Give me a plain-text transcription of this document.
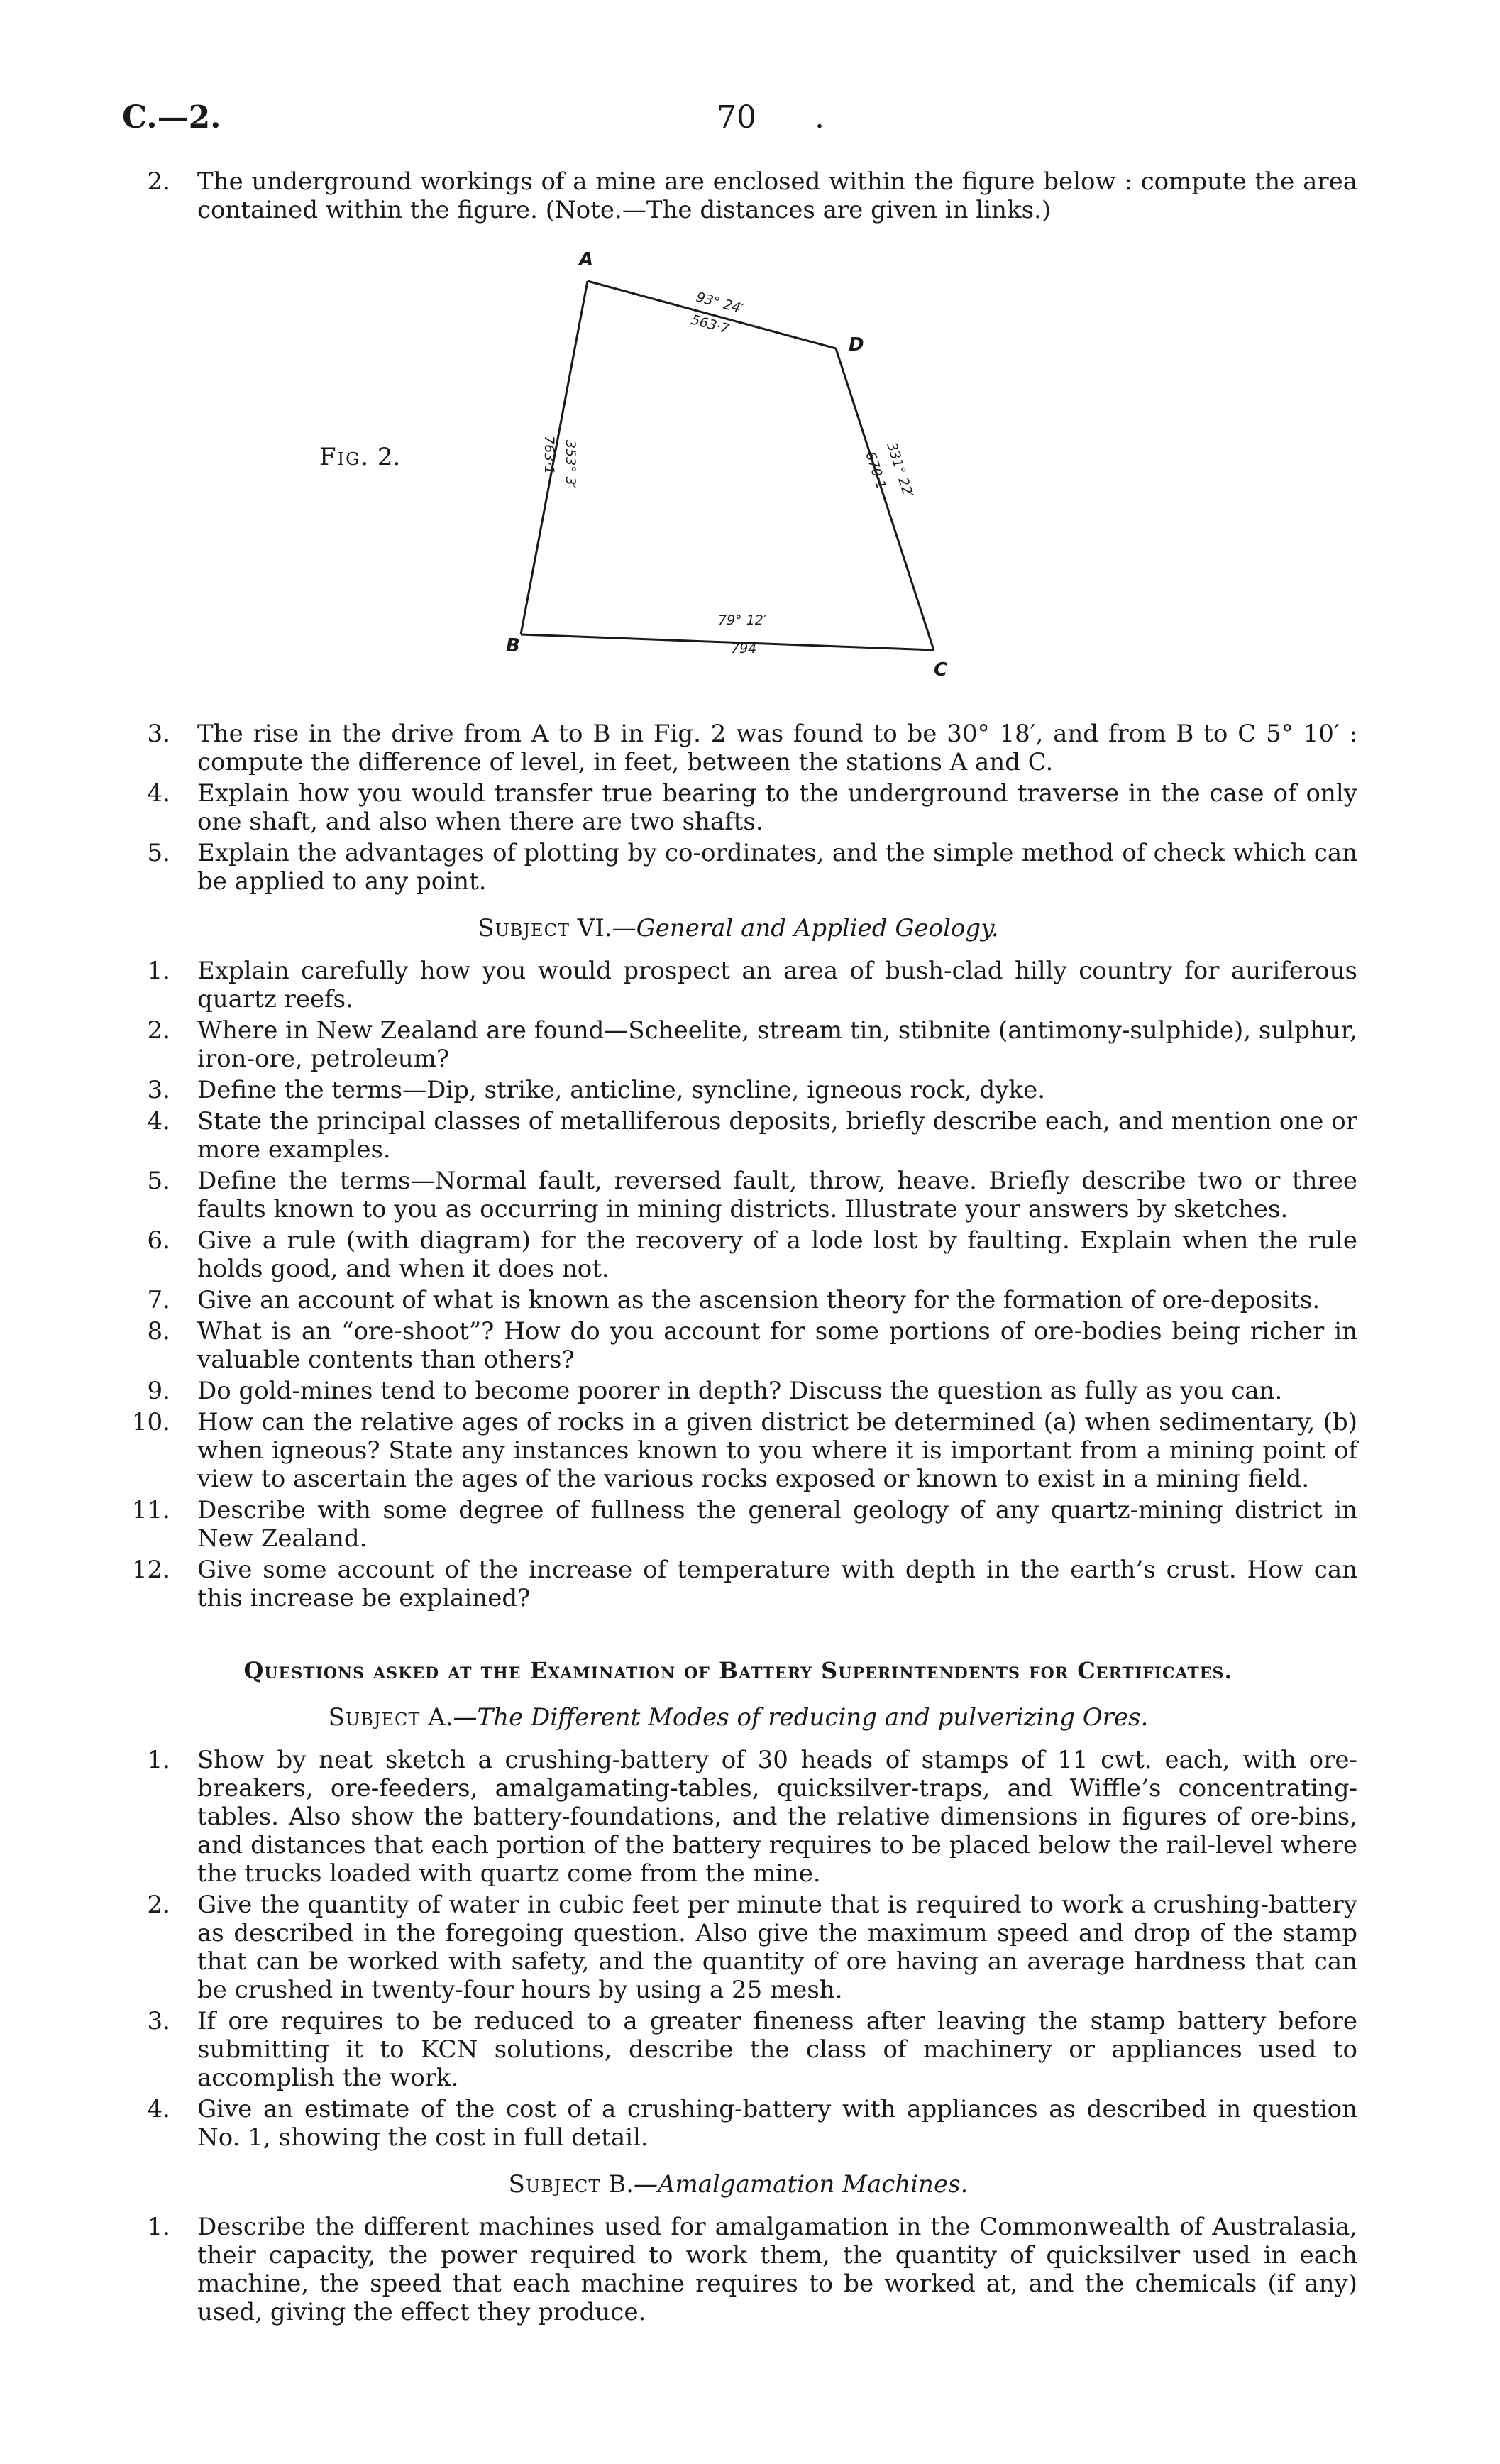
C.—2.	70 .
2. The underground workings of a mine are enclosed within the figure below : compute the area contained within the figure. (Note.—The distances are given in links.)
Fig. 2.
A
D
C
B
93° 24′
563·7
331° 22′
670·1
79° 12′
794
353° 3′
763·1
3. The rise in the drive from A to B in Fig. 2 was found to be 30° 18′, and from B to C 5° 10′ : compute the difference of level, in feet, between the stations A and C.
4. Explain how you would transfer true bearing to the underground traverse in the case of only one shaft, and also when there are two shafts.
5. Explain the advantages of plotting by co-ordinates, and the simple method of check which can be applied to any point.
Subject VI.—General and Applied Geology.
1. Explain carefully how you would prospect an area of bush-clad hilly country for auriferous quartz reefs.
2. Where in New Zealand are found—Scheelite, stream tin, stibnite (antimony-sulphide), sulphur, iron-ore, petroleum?
3. Define the terms—Dip, strike, anticline, syncline, igneous rock, dyke.
4. State the principal classes of metalliferous deposits, briefly describe each, and mention one or more examples.
5. Define the terms—Normal fault, reversed fault, throw, heave. Briefly describe two or three faults known to you as occurring in mining districts. Illustrate your answers by sketches.
6. Give a rule (with diagram) for the recovery of a lode lost by faulting. Explain when the rule holds good, and when it does not.
7. Give an account of what is known as the ascension theory for the formation of ore-deposits.
8. What is an “ore-shoot”? How do you account for some portions of ore-bodies being richer in valuable contents than others?
9. Do gold-mines tend to become poorer in depth? Discuss the question as fully as you can.
10. How can the relative ages of rocks in a given district be determined (a) when sedimentary, (b) when igneous? State any instances known to you where it is important from a mining point of view to ascertain the ages of the various rocks exposed or known to exist in a mining field.
11. Describe with some degree of fullness the general geology of any quartz-mining district in New Zealand.
12. Give some account of the increase of temperature with depth in the earth’s crust. How can this increase be explained?
Questions asked at the Examination of Battery Superintendents for Certificates.
Subject A.—The Different Modes of reducing and pulverizing Ores.
1. Show by neat sketch a crushing-battery of 30 heads of stamps of 11 cwt. each, with ore-breakers, ore-feeders, amalgamating-tables, quicksilver-traps, and Wiffle’s concentrating-tables. Also show the battery-foundations, and the relative dimensions in figures of ore-bins, and distances that each portion of the battery requires to be placed below the rail-level where the trucks loaded with quartz come from the mine.
2. Give the quantity of water in cubic feet per minute that is required to work a crushing-battery as described in the foregoing question. Also give the maximum speed and drop of the stamp that can be worked with safety, and the quantity of ore having an average hardness that can be crushed in twenty-four hours by using a 25 mesh.
3. If ore requires to be reduced to a greater fineness after leaving the stamp battery before submitting it to KCN solutions, describe the class of machinery or appliances used to accomplish the work.
4. Give an estimate of the cost of a crushing-battery with appliances as described in question No. 1, showing the cost in full detail.
Subject B.—Amalgamation Machines.
1. Describe the different machines used for amalgamation in the Commonwealth of Australasia, their capacity, the power required to work them, the quantity of quicksilver used in each machine, the speed that each machine requires to be worked at, and the chemicals (if any) used, giving the effect they produce.
